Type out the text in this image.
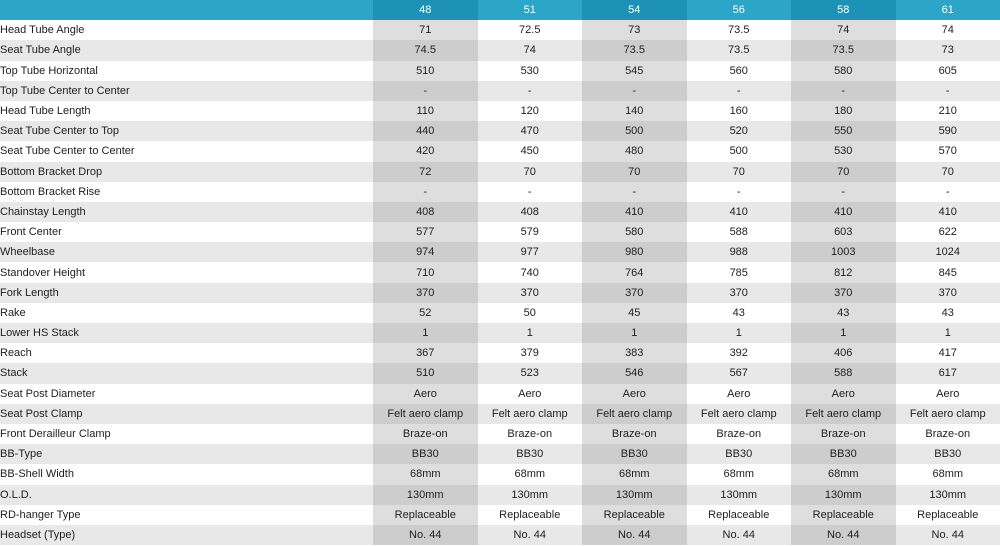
	48	51	54	56	58	61
Head Tube Angle	71	72.5	73	73.5	74	74
Seat Tube Angle	74.5	74	73.5	73.5	73.5	73
Top Tube Horizontal	510	530	545	560	580	605
Top Tube Center to Center	-	-	-	-	-	-
Head Tube Length	110	120	140	160	180	210
Seat Tube Center to Top	440	470	500	520	550	590
Seat Tube Center to Center	420	450	480	500	530	570
Bottom Bracket Drop	72	70	70	70	70	70
Bottom Bracket Rise	-	-	-	-	-	-
Chainstay Length	408	408	410	410	410	410
Front Center	577	579	580	588	603	622
Wheelbase	974	977	980	988	1003	1024
Standover Height	710	740	764	785	812	845
Fork Length	370	370	370	370	370	370
Rake	52	50	45	43	43	43
Lower HS Stack	1	1	1	1	1	1
Reach	367	379	383	392	406	417
Stack	510	523	546	567	588	617
Seat Post Diameter	Aero	Aero	Aero	Aero	Aero	Aero
Seat Post Clamp	Felt aero clamp	Felt aero clamp	Felt aero clamp	Felt aero clamp	Felt aero clamp	Felt aero clamp
Front Derailleur Clamp	Braze-on	Braze-on	Braze-on	Braze-on	Braze-on	Braze-on
BB-Type	BB30	BB30	BB30	BB30	BB30	BB30
BB-Shell Width	68mm	68mm	68mm	68mm	68mm	68mm
O.L.D.	130mm	130mm	130mm	130mm	130mm	130mm
RD-hanger Type	Replaceable	Replaceable	Replaceable	Replaceable	Replaceable	Replaceable
Headset (Type)	No. 44	No. 44	No. 44	No. 44	No. 44	No. 44
